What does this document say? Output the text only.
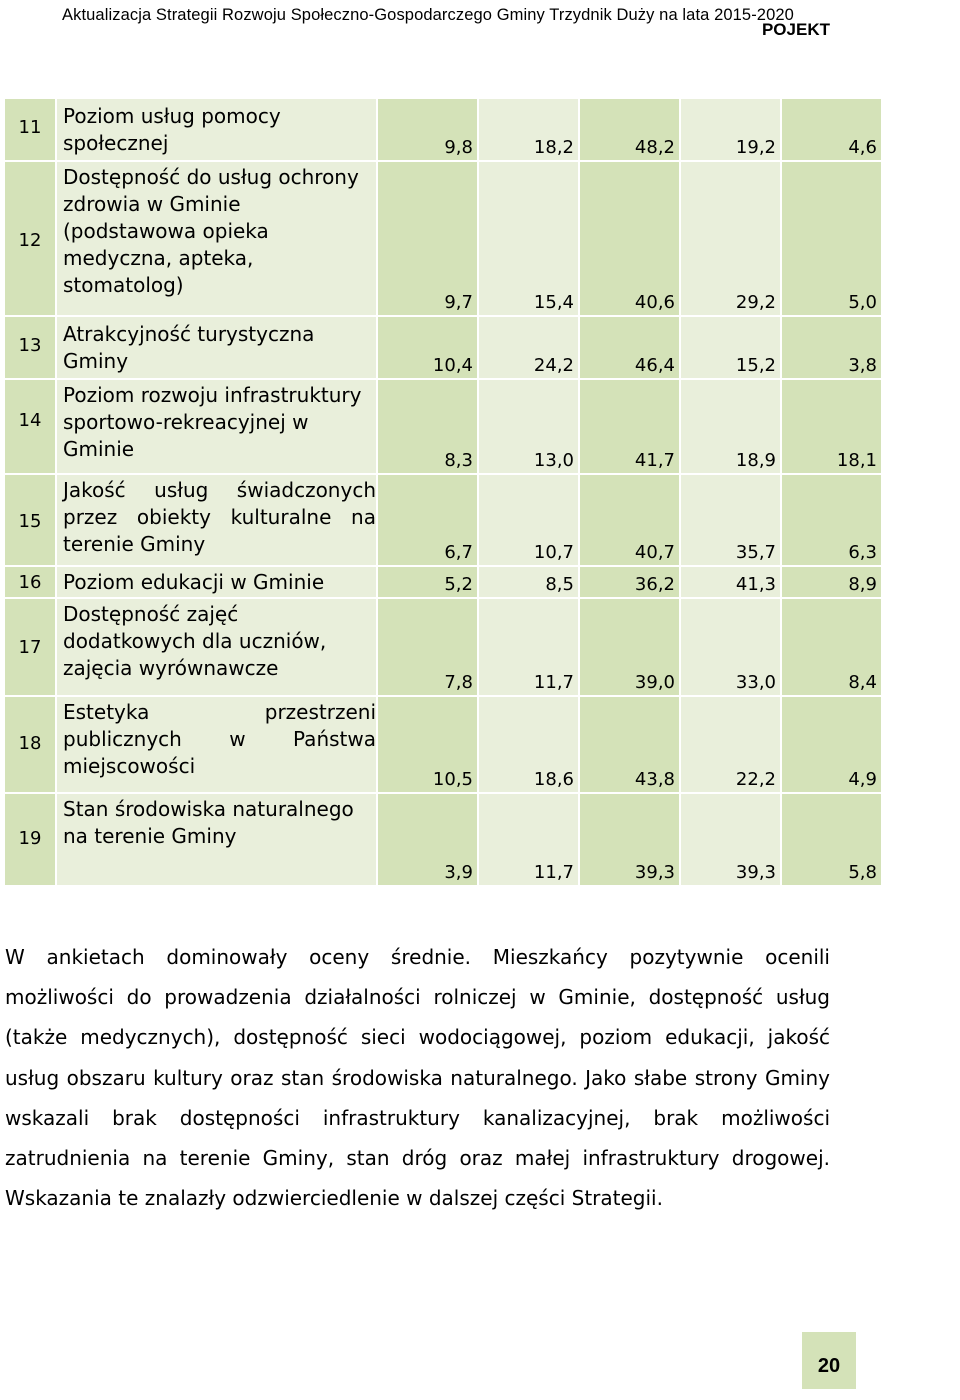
Aktualizacja Strategii Rozwoju Społeczno-Gospodarczego Gminy Trzydnik Duży na lata 2015-2020
POJEKT
11	Poziom usług pomocy społecznej	9,8	18,2	48,2	19,2	4,6
12	Dostępność do usług ochrony zdrowia w Gminie (podstawowa opieka medyczna, apteka, stomatolog)	9,7	15,4	40,6	29,2	5,0
13	Atrakcyjność turystyczna Gminy	10,4	24,2	46,4	15,2	3,8
14	Poziom rozwoju infrastruktury sportowo-rekreacyjnej w Gminie	8,3	13,0	41,7	18,9	18,1
15	Jakość usług świadczonych przez obiekty kulturalne na terenie Gminy	6,7	10,7	40,7	35,7	6,3
16	Poziom edukacji w Gminie	5,2	8,5	36,2	41,3	8,9
17	Dostępność zajęć dodatkowych dla uczniów, zajęcia wyrównawcze	7,8	11,7	39,0	33,0	8,4
18	Estetyka przestrzeni publicznych w Państwa miejscowości	10,5	18,6	43,8	22,2	4,9
19	Stan środowiska naturalnego na terenie Gminy	3,9	11,7	39,3	39,3	5,8
W ankietach dominowały oceny średnie. Mieszkańcy pozytywnie ocenili możliwości do prowadzenia działalności rolniczej w Gminie, dostępność usług (także medycznych), dostępność sieci wodociągowej, poziom edukacji, jakość usług obszaru kultury oraz stan środowiska naturalnego. Jako słabe strony Gminy wskazali brak dostępności infrastruktury kanalizacyjnej, brak możliwości zatrudnienia na terenie Gminy, stan dróg oraz małej infrastruktury drogowej. Wskazania te znalazły odzwierciedlenie w dalszej części Strategii.
20
